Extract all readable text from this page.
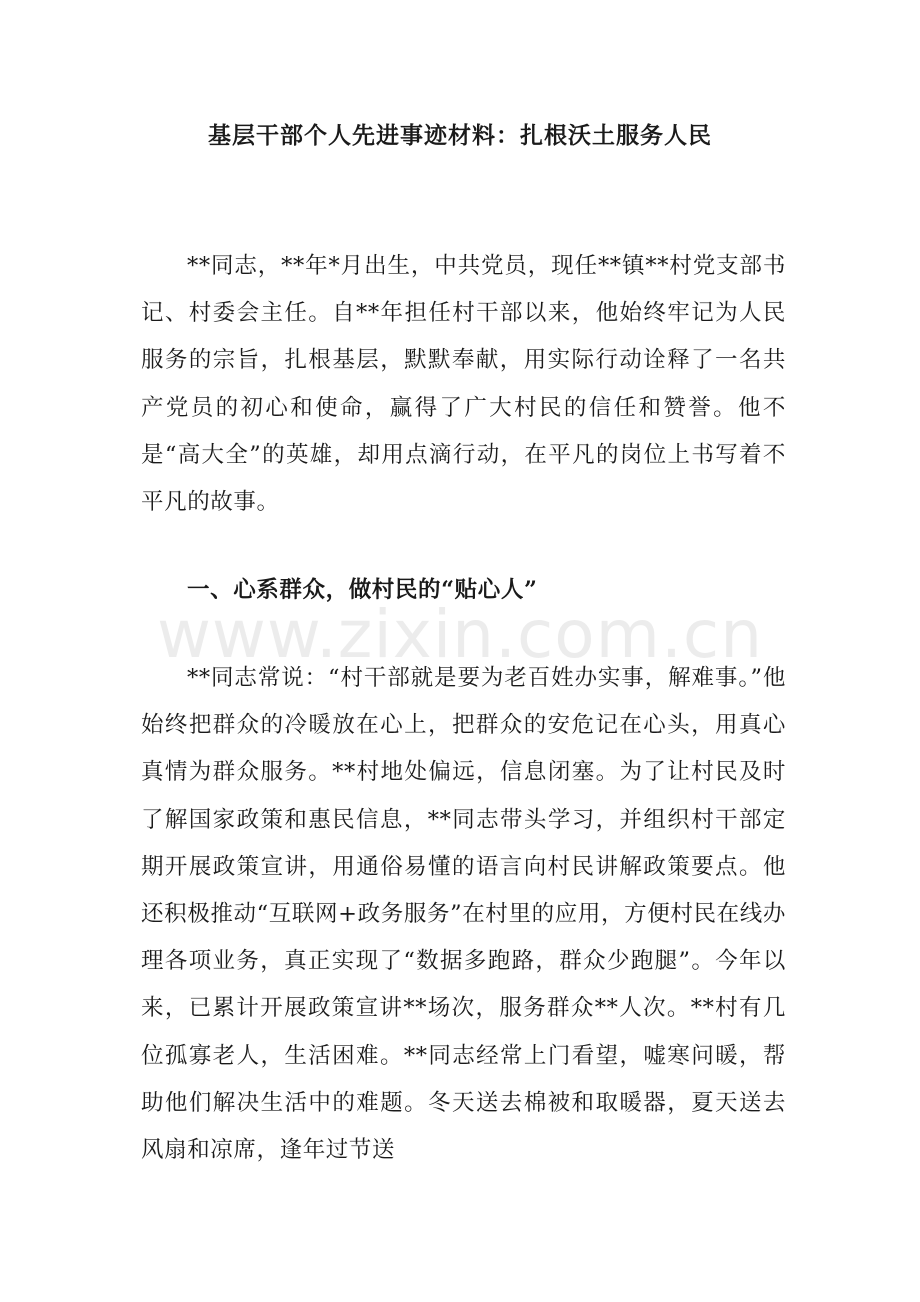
基层干部个人先进事迹材料：扎根沃土服务人民

**同志，**年*月出生，中共党员，现任**镇**村党支部书记、村委会主任。自**年担任村干部以来，他始终牢记为人民服务的宗旨，扎根基层，默默奉献，用实际行动诠释了一名共产党员的初心和使命，赢得了广大村民的信任和赞誉。他不是“高大全”的英雄，却用点滴行动，在平凡的岗位上书写着不平凡的故事。

一、心系群众，做村民的“贴心人”
www.zixin.com.cn

**同志常说：“村干部就是要为老百姓办实事，解难事。”他始终把群众的冷暖放在心上，把群众的安危记在心头，用真心真情为群众服务。**村地处偏远，信息闭塞。为了让村民及时了解国家政策和惠民信息，**同志带头学习，并组织村干部定期开展政策宣讲，用通俗易懂的语言向村民讲解政策要点。他还积极推动“互联网+政务服务”在村里的应用，方便村民在线办理各项业务，真正实现了“数据多跑路，群众少跑腿”。今年以来，已累计开展政策宣讲**场次，服务群众**人次。**村有几位孤寡老人，生活困难。**同志经常上门看望，嘘寒问暖，帮助他们解决生活中的难题。冬天送去棉被和取暖器，夏天送去风扇和凉席，逢年过节送
